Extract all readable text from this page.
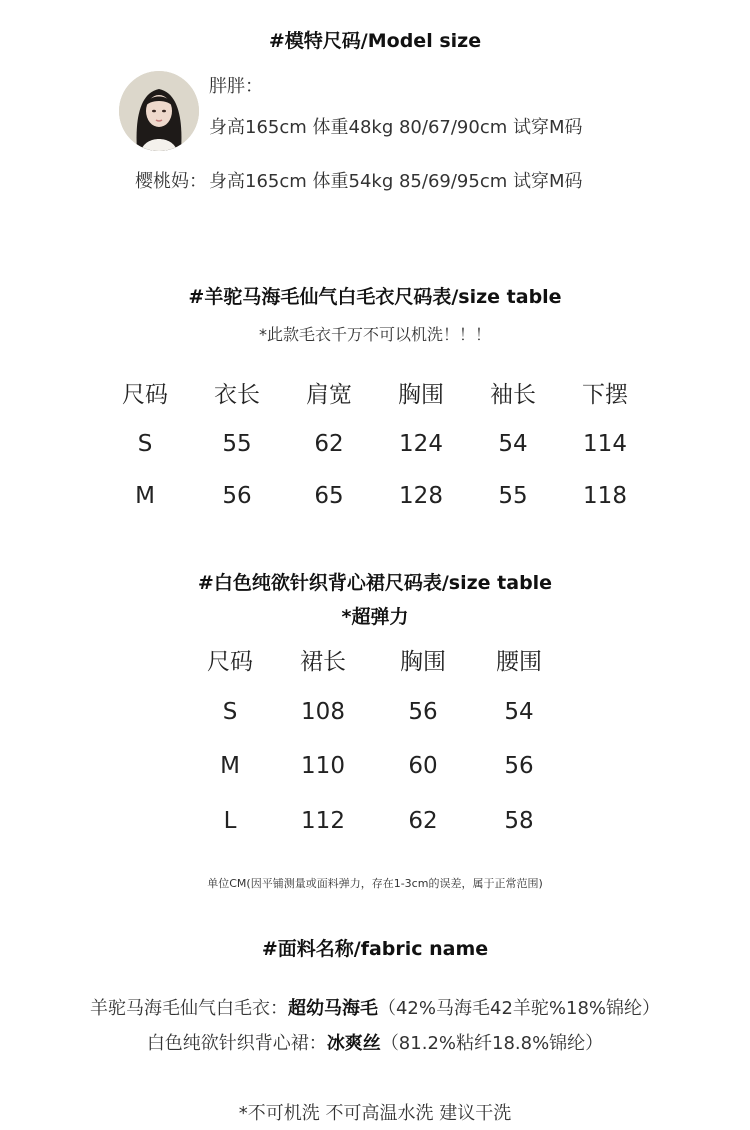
#模特尺码/Model size
胖胖：
身高165cm 体重48kg 80/67/90cm 试穿M码
樱桃妈： 身高165cm 体重54kg 85/69/95cm 试穿M码
#羊驼马海毛仙气白毛衣尺码表/size table
*此款毛衣千万不可以机洗！！！
尺码	衣长	肩宽	胸围	袖长	下摆
S	55	62	124	54	114
M	56	65	128	55	118
#白色纯欲针织背心裙尺码表/size table
*超弹力
尺码	裙长	胸围	腰围
S	108	56	54
M	110	60	56
L	112	62	58
单位CM(因平铺测量或面料弹力，存在1-3cm的误差，属于正常范围)
#面料名称/fabric name
羊驼马海毛仙气白毛衣：超幼马海毛（42%马海毛42羊驼%18%锦纶）
白色纯欲针织背心裙：冰爽丝（81.2%粘纤18.8%锦纶）
*不可机洗 不可高温水洗 建议干洗
